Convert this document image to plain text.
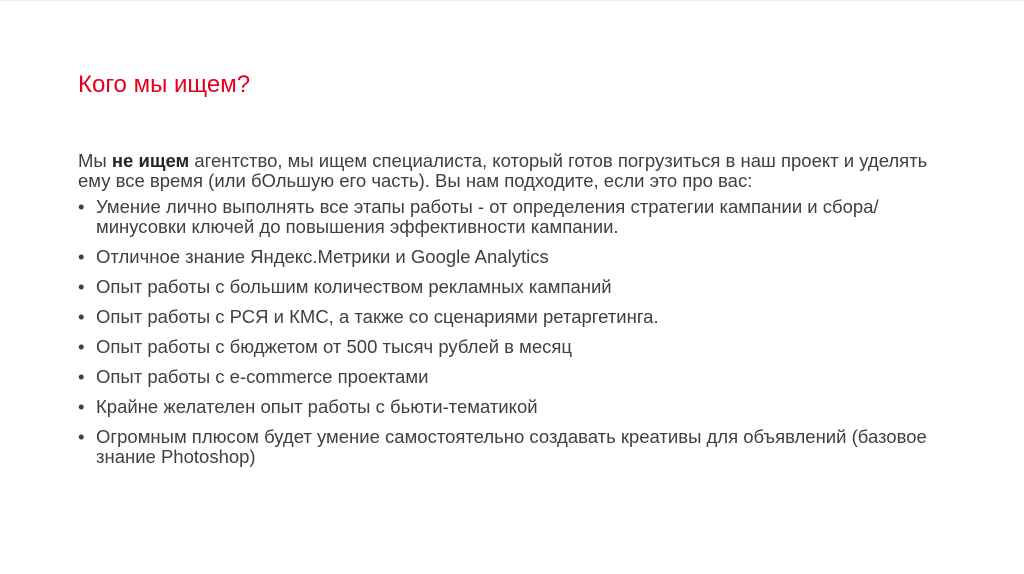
Кого мы ищем?

Мы не ищем агентство, мы ищем специалиста, который готов погрузиться в наш проект и уделять ему все время (или бОльшую его часть). Вы нам подходите, если это про вас:

• Умение лично выполнять все этапы работы - от определения стратегии кампании и сбора/минусовки ключей до повышения эффективности кампании.
• Отличное знание Яндекс.Метрики и Google Analytics
• Опыт работы с большим количеством рекламных кампаний
• Опыт работы с РСЯ и КМС, а также со сценариями ретаргетинга.
• Опыт работы с бюджетом от 500 тысяч рублей в месяц
• Опыт работы с e-commerce проектами
• Крайне желателен опыт работы с бьюти-тематикой
• Огромным плюсом будет умение самостоятельно создавать креативы для объявлений (базовое знание Photoshop)
